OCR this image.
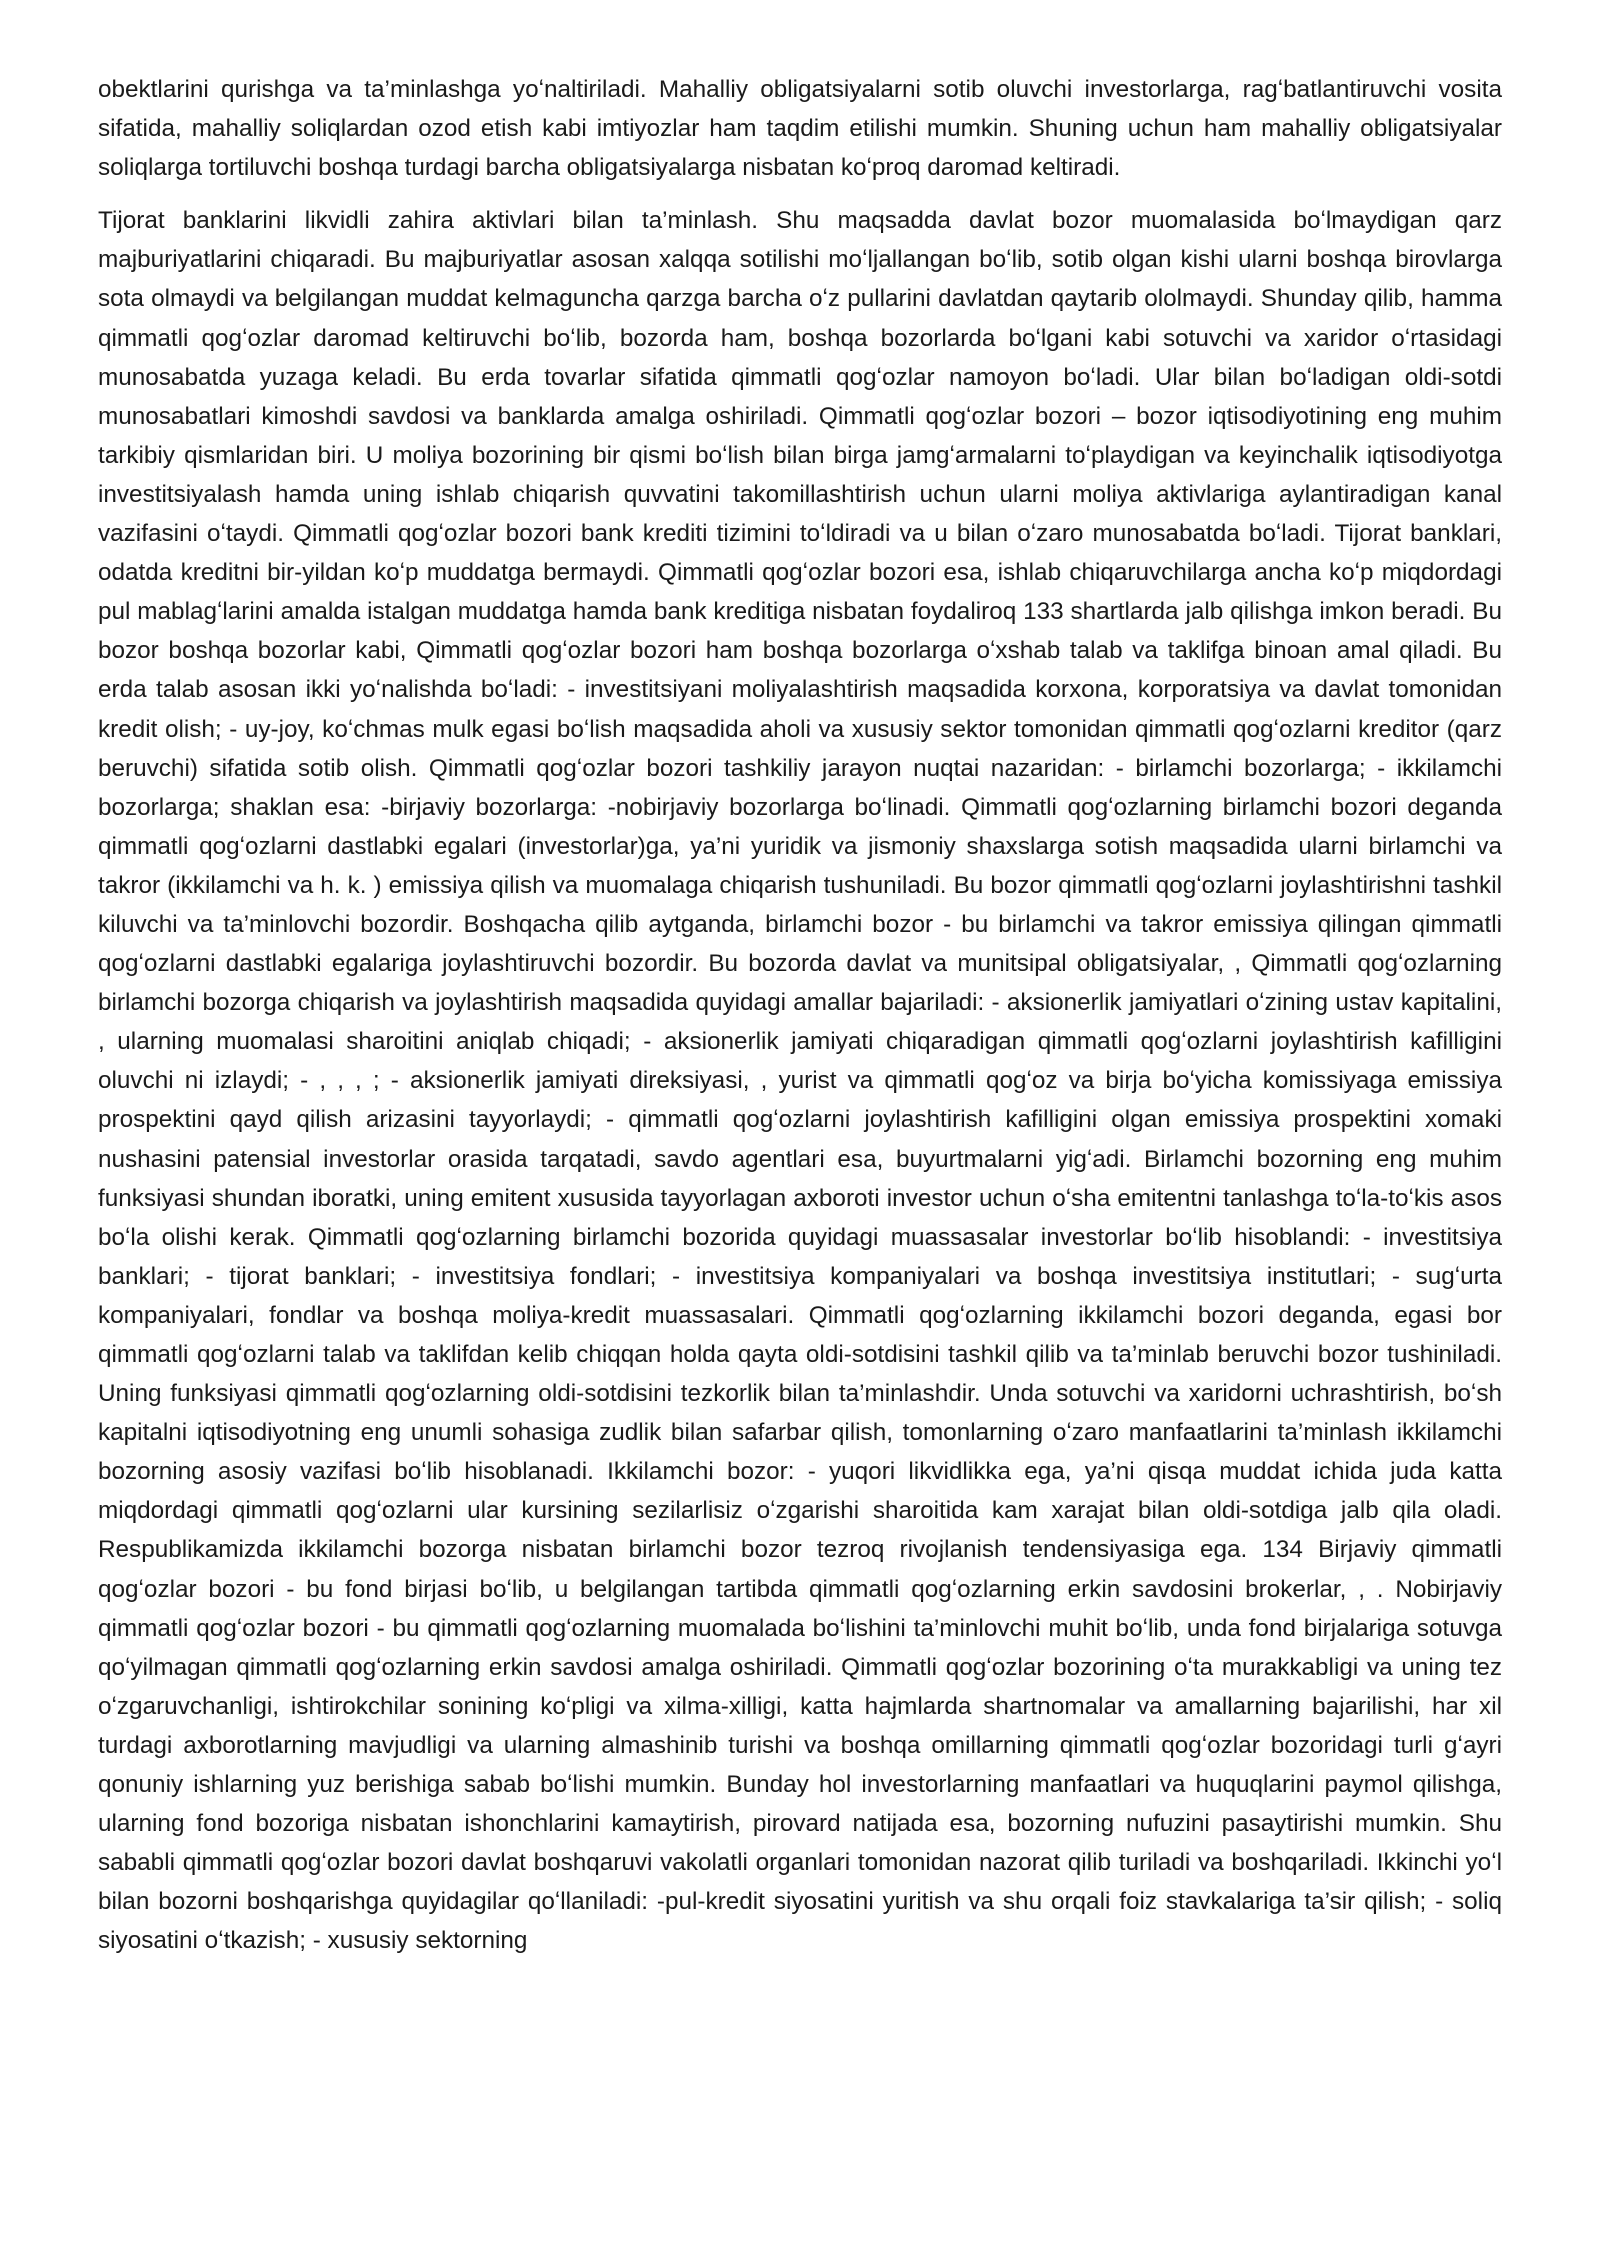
obektlarini qurishga va ta’minlashga yoʻnaltiriladi. Mahalliy obligatsiyalarni sotib oluvchi investorlarga, ragʻbatlantiruvchi vosita sifatida, mahalliy soliqlardan ozod etish kabi imtiyozlar ham taqdim etilishi mumkin. Shuning uchun ham mahalliy obligatsiyalar soliqlarga tortiluvchi boshqa turdagi barcha obligatsiyalarga nisbatan koʻproq daromad keltiradi.

Tijorat banklarini likvidli zahira aktivlari bilan ta’minlash. Shu maqsadda davlat bozor muomalasida boʻlmaydigan qarz majburiyatlarini chiqaradi. Bu majburiyatlar asosan xalqqa sotilishi moʻljallangan boʻlib, sotib olgan kishi ularni boshqa birovlarga sota olmaydi va belgilangan muddat kelmaguncha qarzga barcha oʻz pullarini davlatdan qaytarib ololmaydi. Shunday qilib, hamma qimmatli qogʻozlar daromad keltiruvchi boʻlib, bozorda ham, boshqa bozorlarda boʻlgani kabi sotuvchi va xaridor oʻrtasidagi munosabatda yuzaga keladi. Bu erda tovarlar sifatida qimmatli qogʻozlar namoyon boʻladi. Ular bilan boʻladigan oldi-sotdi munosabatlari kimoshdi savdosi va banklarda amalga oshiriladi. Qimmatli qogʻozlar bozori – bozor iqtisodiyotining eng muhim tarkibiy qismlaridan biri. U moliya bozorining bir qismi boʻlish bilan birga jamgʻarmalarni toʻplaydigan va keyinchalik iqtisodiyotga investitsiyalash hamda uning ishlab chiqarish quvvatini takomillashtirish uchun ularni moliya aktivlariga aylantiradigan kanal vazifasini oʻtaydi. Qimmatli qogʻozlar bozori bank krediti tizimini toʻldiradi va u bilan oʻzaro munosabatda boʻladi. Tijorat banklari, odatda kreditni bir-yildan koʻp muddatga bermaydi. Qimmatli qogʻozlar bozori esa, ishlab chiqaruvchilarga ancha koʻp miqdordagi pul mablagʻlarini amalda istalgan muddatga hamda bank kreditiga nisbatan foydaliroq 133 shartlarda jalb qilishga imkon beradi. Bu bozor boshqa bozorlar kabi, Qimmatli qogʻozlar bozori ham boshqa bozorlarga oʻxshab talab va taklifga binoan amal qiladi. Bu erda talab asosan ikki yoʻnalishda boʻladi: - investitsiyani moliyalashtirish maqsadida korxona, korporatsiya va davlat tomonidan kredit olish; - uy-joy, koʻchmas mulk egasi boʻlish maqsadida aholi va xususiy sektor tomonidan qimmatli qogʻozlarni kreditor (qarz beruvchi) sifatida sotib olish. Qimmatli qogʻozlar bozori tashkiliy jarayon nuqtai nazaridan: - birlamchi bozorlarga; - ikkilamchi bozorlarga; shaklan esa: -birjaviy bozorlarga: -nobirjaviy bozorlarga boʻlinadi. Qimmatli qogʻozlarning birlamchi bozori deganda qimmatli qogʻozlarni dastlabki egalari (investorlar)ga, ya’ni yuridik va jismoniy shaxslarga sotish maqsadida ularni birlamchi va takror (ikkilamchi va h. k. ) emissiya qilish va muomalaga chiqarish tushuniladi. Bu bozor qimmatli qogʻozlarni joylashtirishni tashkil kiluvchi va ta’minlovchi bozordir. Boshqacha qilib aytganda, birlamchi bozor - bu birlamchi va takror emissiya qilingan qimmatli qogʻozlarni dastlabki egalariga joylashtiruvchi bozordir. Bu bozorda davlat va munitsipal obligatsiyalar, , Qimmatli qogʻozlarning birlamchi bozorga chiqarish va joylashtirish maqsadida quyidagi amallar bajariladi: - aksionerlik jamiyatlari oʻzining ustav kapitalini, , ularning muomalasi sharoitini aniqlab chiqadi; - aksionerlik jamiyati chiqaradigan qimmatli qogʻozlarni joylashtirish kafilligini oluvchi ni izlaydi; - , , , ; - aksionerlik jamiyati direksiyasi, , yurist va qimmatli qogʻoz va birja boʻyicha komissiyaga emissiya prospektini qayd qilish arizasini tayyorlaydi; - qimmatli qogʻozlarni joylashtirish kafilligini olgan emissiya prospektini xomaki nushasini patensial investorlar orasida tarqatadi, savdo agentlari esa, buyurtmalarni yigʻadi. Birlamchi bozorning eng muhim funksiyasi shundan iboratki, uning emitent xususida tayyorlagan axboroti investor uchun oʻsha emitentni tanlashga toʻla-toʻkis asos boʻla olishi kerak. Qimmatli qogʻozlarning birlamchi bozorida quyidagi muassasalar investorlar boʻlib hisoblandi: - investitsiya banklari; - tijorat banklari; - investitsiya fondlari; - investitsiya kompaniyalari va boshqa investitsiya institutlari; - sugʻurta kompaniyalari, fondlar va boshqa moliya-kredit muassasalari. Qimmatli qogʻozlarning ikkilamchi bozori deganda, egasi bor qimmatli qogʻozlarni talab va taklifdan kelib chiqqan holda qayta oldi-sotdisini tashkil qilib va ta’minlab beruvchi bozor tushiniladi. Uning funksiyasi qimmatli qogʻozlarning oldi-sotdisini tezkorlik bilan ta’minlashdir. Unda sotuvchi va xaridorni uchrashtirish, boʻsh kapitalni iqtisodiyotning eng unumli sohasiga zudlik bilan safarbar qilish, tomonlarning oʻzaro manfaatlarini ta’minlash ikkilamchi bozorning asosiy vazifasi boʻlib hisoblanadi. Ikkilamchi bozor: - yuqori likvidlikka ega, ya’ni qisqa muddat ichida juda katta miqdordagi qimmatli qogʻozlarni ular kursining sezilarlisiz oʻzgarishi sharoitida kam xarajat bilan oldi-sotdiga jalb qila oladi. Respublikamizda ikkilamchi bozorga nisbatan birlamchi bozor tezroq rivojlanish tendensiyasiga ega. 134 Birjaviy qimmatli qogʻozlar bozori - bu fond birjasi boʻlib, u belgilangan tartibda qimmatli qogʻozlarning erkin savdosini brokerlar, , . Nobirjaviy qimmatli qogʻozlar bozori - bu qimmatli qogʻozlarning muomalada boʻlishini ta’minlovchi muhit boʻlib, unda fond birjalariga sotuvga qoʻyilmagan qimmatli qogʻozlarning erkin savdosi amalga oshiriladi. Qimmatli qogʻozlar bozorining oʻta murakkabligi va uning tez oʻzgaruvchanligi, ishtirokchilar sonining koʻpligi va xilma-xilligi, katta hajmlarda shartnomalar va amallarning bajarilishi, har xil turdagi axborotlarning mavjudligi va ularning almashinib turishi va boshqa omillarning qimmatli qogʻozlar bozoridagi turli gʻayri qonuniy ishlarning yuz berishiga sabab boʻlishi mumkin. Bunday hol investorlarning manfaatlari va huquqlarini paymol qilishga, ularning fond bozoriga nisbatan ishonchlarini kamaytirish, pirovard natijada esa, bozorning nufuzini pasaytirishi mumkin. Shu sababli qimmatli qogʻozlar bozori davlat boshqaruvi vakolatli organlari tomonidan nazorat qilib turiladi va boshqariladi. Ikkinchi yoʻl bilan bozorni boshqarishga quyidagilar qoʻllaniladi: -pul-kredit siyosatini yuritish va shu orqali foiz stavkalariga ta’sir qilish; - soliq siyosatini oʻtkazish; - xususiy sektorning
